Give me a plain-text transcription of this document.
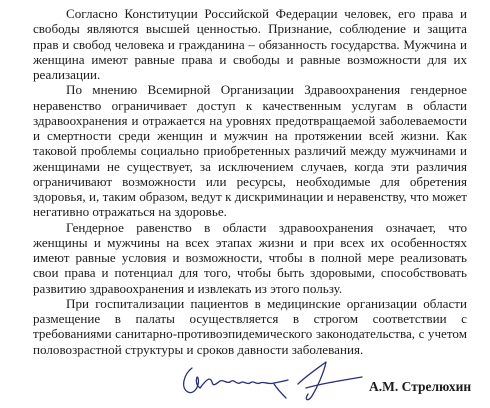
Согласно Конституции Российской Федерации человек, его права и свободы являются высшей ценностью. Признание, соблюдение и защита прав и свобод человека и гражданина – обязанность государства. Мужчина и женщина имеют равные права и свободы и равные возможности для их реализации.

По мнению Всемирной Организации Здравоохранения гендерное неравенство ограничивает доступ к качественным услугам в области здравоохранения и отражается на уровнях предотвращаемой заболеваемости и смертности среди женщин и мужчин на протяжении всей жизни. Как таковой проблемы социально приобретенных различий между мужчинами и женщинами не существует, за исключением случаев, когда эти различия ограничивают возможности или ресурсы, необходимые для обретения здоровья, и, таким образом, ведут к дискриминации и неравенству, что может негативно отражаться на здоровье.

Гендерное равенство в области здравоохранения означает, что женщины и мужчины на всех этапах жизни и при всех их особенностях имеют равные условия и возможности, чтобы в полной мере реализовать свои права и потенциал для того, чтобы быть здоровыми, способствовать развитию здравоохранения и извлекать из этого пользу.

При госпитализации пациентов в медицинские организации области размещение в палаты осуществляется в строгом соответствии с требованиями санитарно-противоэпидемического законодательства, с учетом половозрастной структуры и сроков давности заболевания.

А.М. Стрелюхин
